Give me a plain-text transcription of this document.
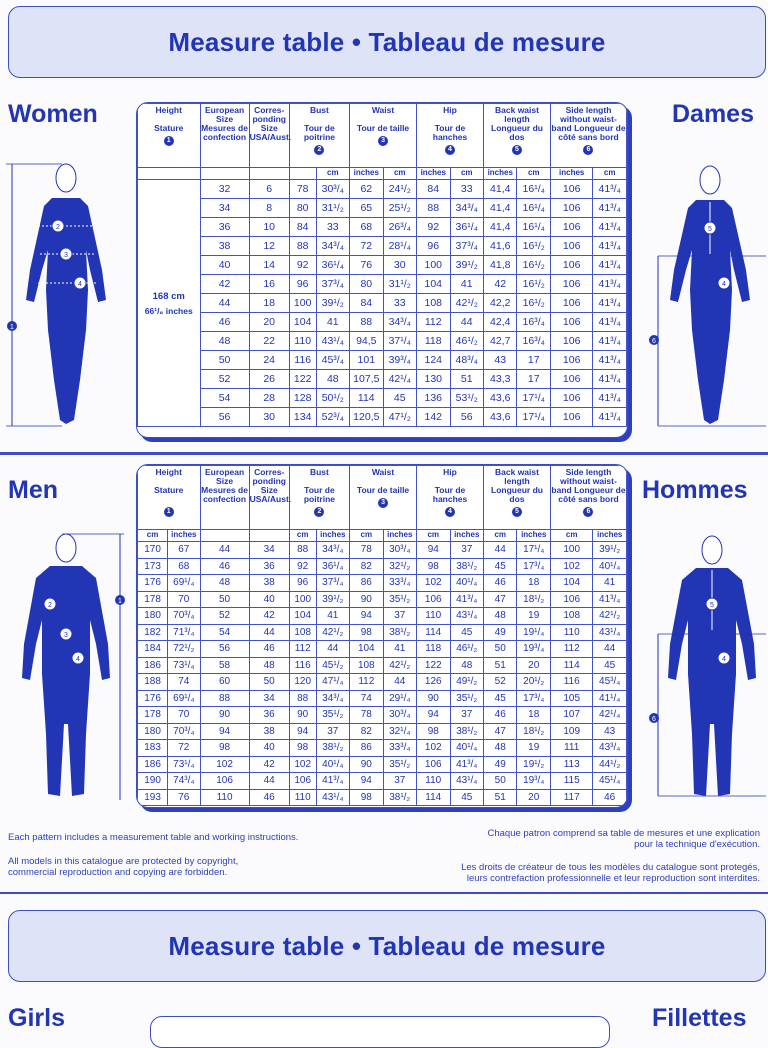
Measure table • Tableau de mesure
Women	Dames
1
2
3
4
Height

Stature
1	European Size Mesures de confection	Corres- ponding Size USA/Aust.	Bust

Tour de poitrine
2		Waist

Tour de taille
3		Hip

Tour de hanches
4		Back waist length Longueur du dos
5		Side length without waist-band Longueur de côté sans bord
6	
				cm	inches	cm	inches	cm	inches	cm	inches	cm

168 cm
66¹/₈ inches	32	6	78	30³/₄	62	24¹/₂	84	33	41,4	16¹/₄	106	41³/₄
	34	8	80	31¹/₂	65	25¹/₂	88	34³/₄	41,4	16¹/₄	106	41³/₄
	36	10	84	33	68	26³/₄	92	36¹/₄	41,4	16¹/₄	106	41³/₄
	38	12	88	34³/₄	72	28¹/₄	96	37³/₄	41,6	16¹/₂	106	41³/₄
	40	14	92	36¹/₄	76	30	100	39¹/₂	41,8	16¹/₂	106	41³/₄
	42	16	96	37³/₄	80	31¹/₂	104	41	42	16¹/₂	106	41³/₄
	44	18	100	39¹/₂	84	33	108	42¹/₂	42,2	16¹/₂	106	41³/₄
	46	20	104	41	88	34³/₄	112	44	42,4	16³/₄	106	41³/₄
	48	22	110	43¹/₄	94,5	37¹/₄	118	46¹/₂	42,7	16³/₄	106	41³/₄
	50	24	116	45³/₄	101	39³/₄	124	48³/₄	43	17	106	41³/₄
	52	26	122	48	107,5	42¹/₄	130	51	43,3	17	106	41³/₄
	54	28	128	50¹/₂	114	45	136	53¹/₂	43,6	17¹/₄	106	41³/₄
	56	30	134	52³/₄	120,5	47¹/₂	142	56	43,6	17¹/₄	106	41³/₄
5
6
4
Men	Hommes
1
2
3
4
Height

Stature

1		European Size Mesures de confection	Corres- ponding Size USA/Aust.	Bust

Tour de poitrine
2		Waist

Tour de taille
3		Hip

Tour de hanches
4		Back waist length Longueur du dos
5		Side length without waist-band Longueur de côté sans bord
6	
cm	inches			cm	inches	cm	inches	cm	inches	cm	inches	cm	inches
170	67	44	34	88	34³/₄	78	30³/₄	94	37	44	17¹/₄	100	39¹/₂
173	68	46	36	92	36¹/₄	82	32¹/₂	98	38¹/₂	45	17³/₄	102	40¹/₄
176	69¹/₄	48	38	96	37³/₄	86	33³/₄	102	40¹/₄	46	18	104	41
178	70	50	40	100	39¹/₂	90	35¹/₂	106	41³/₄	47	18¹/₂	106	41³/₄
180	70³/₄	52	42	104	41	94	37	110	43¹/₄	48	19	108	42¹/₂
182	71³/₄	54	44	108	42¹/₂	98	38¹/₂	114	45	49	19¹/₄	110	43¹/₄
184	72¹/₂	56	46	112	44	104	41	118	46¹/₂	50	19³/₄	112	44
186	73¹/₄	58	48	116	45¹/₂	108	42¹/₂	122	48	51	20	114	45
188	74	60	50	120	47¹/₄	112	44	126	49¹/₂	52	20¹/₂	116	45³/₄
176	69¹/₄	88	34	88	34³/₄	74	29¹/₄	90	35¹/₂	45	17³/₄	105	41¹/₄
178	70	90	36	90	35¹/₂	78	30³/₄	94	37	46	18	107	42¹/₄
180	70³/₄	94	38	94	37	82	32¹/₄	98	38¹/₂	47	18¹/₂	109	43
183	72	98	40	98	38¹/₂	86	33³/₄	102	40¹/₄	48	19	111	43³/₄
186	73¹/₄	102	42	102	40¹/₄	90	35¹/₂	106	41³/₄	49	19¹/₂	113	44¹/₂
190	74³/₄	106	44	106	41³/₄	94	37	110	43¹/₄	50	19³/₄	115	45¹/₄
193	76	110	46	110	43¹/₄	98	38¹/₂	114	45	51	20	117	46
5
6
4
Each pattern includes a measurement table and working instructions.
All models in this catalogue are protected by copyright,
commercial reproduction and copying are forbidden.
Chaque patron comprend sa table de mesures et une explication
pour la technique d'exécution.
Les droits de créateur de tous les modèles du catalogue sont protegés,
leurs contrefaction professionnelle et leur reproduction sont interdites.
Measure table • Tableau de mesure
Girls	Fillettes
